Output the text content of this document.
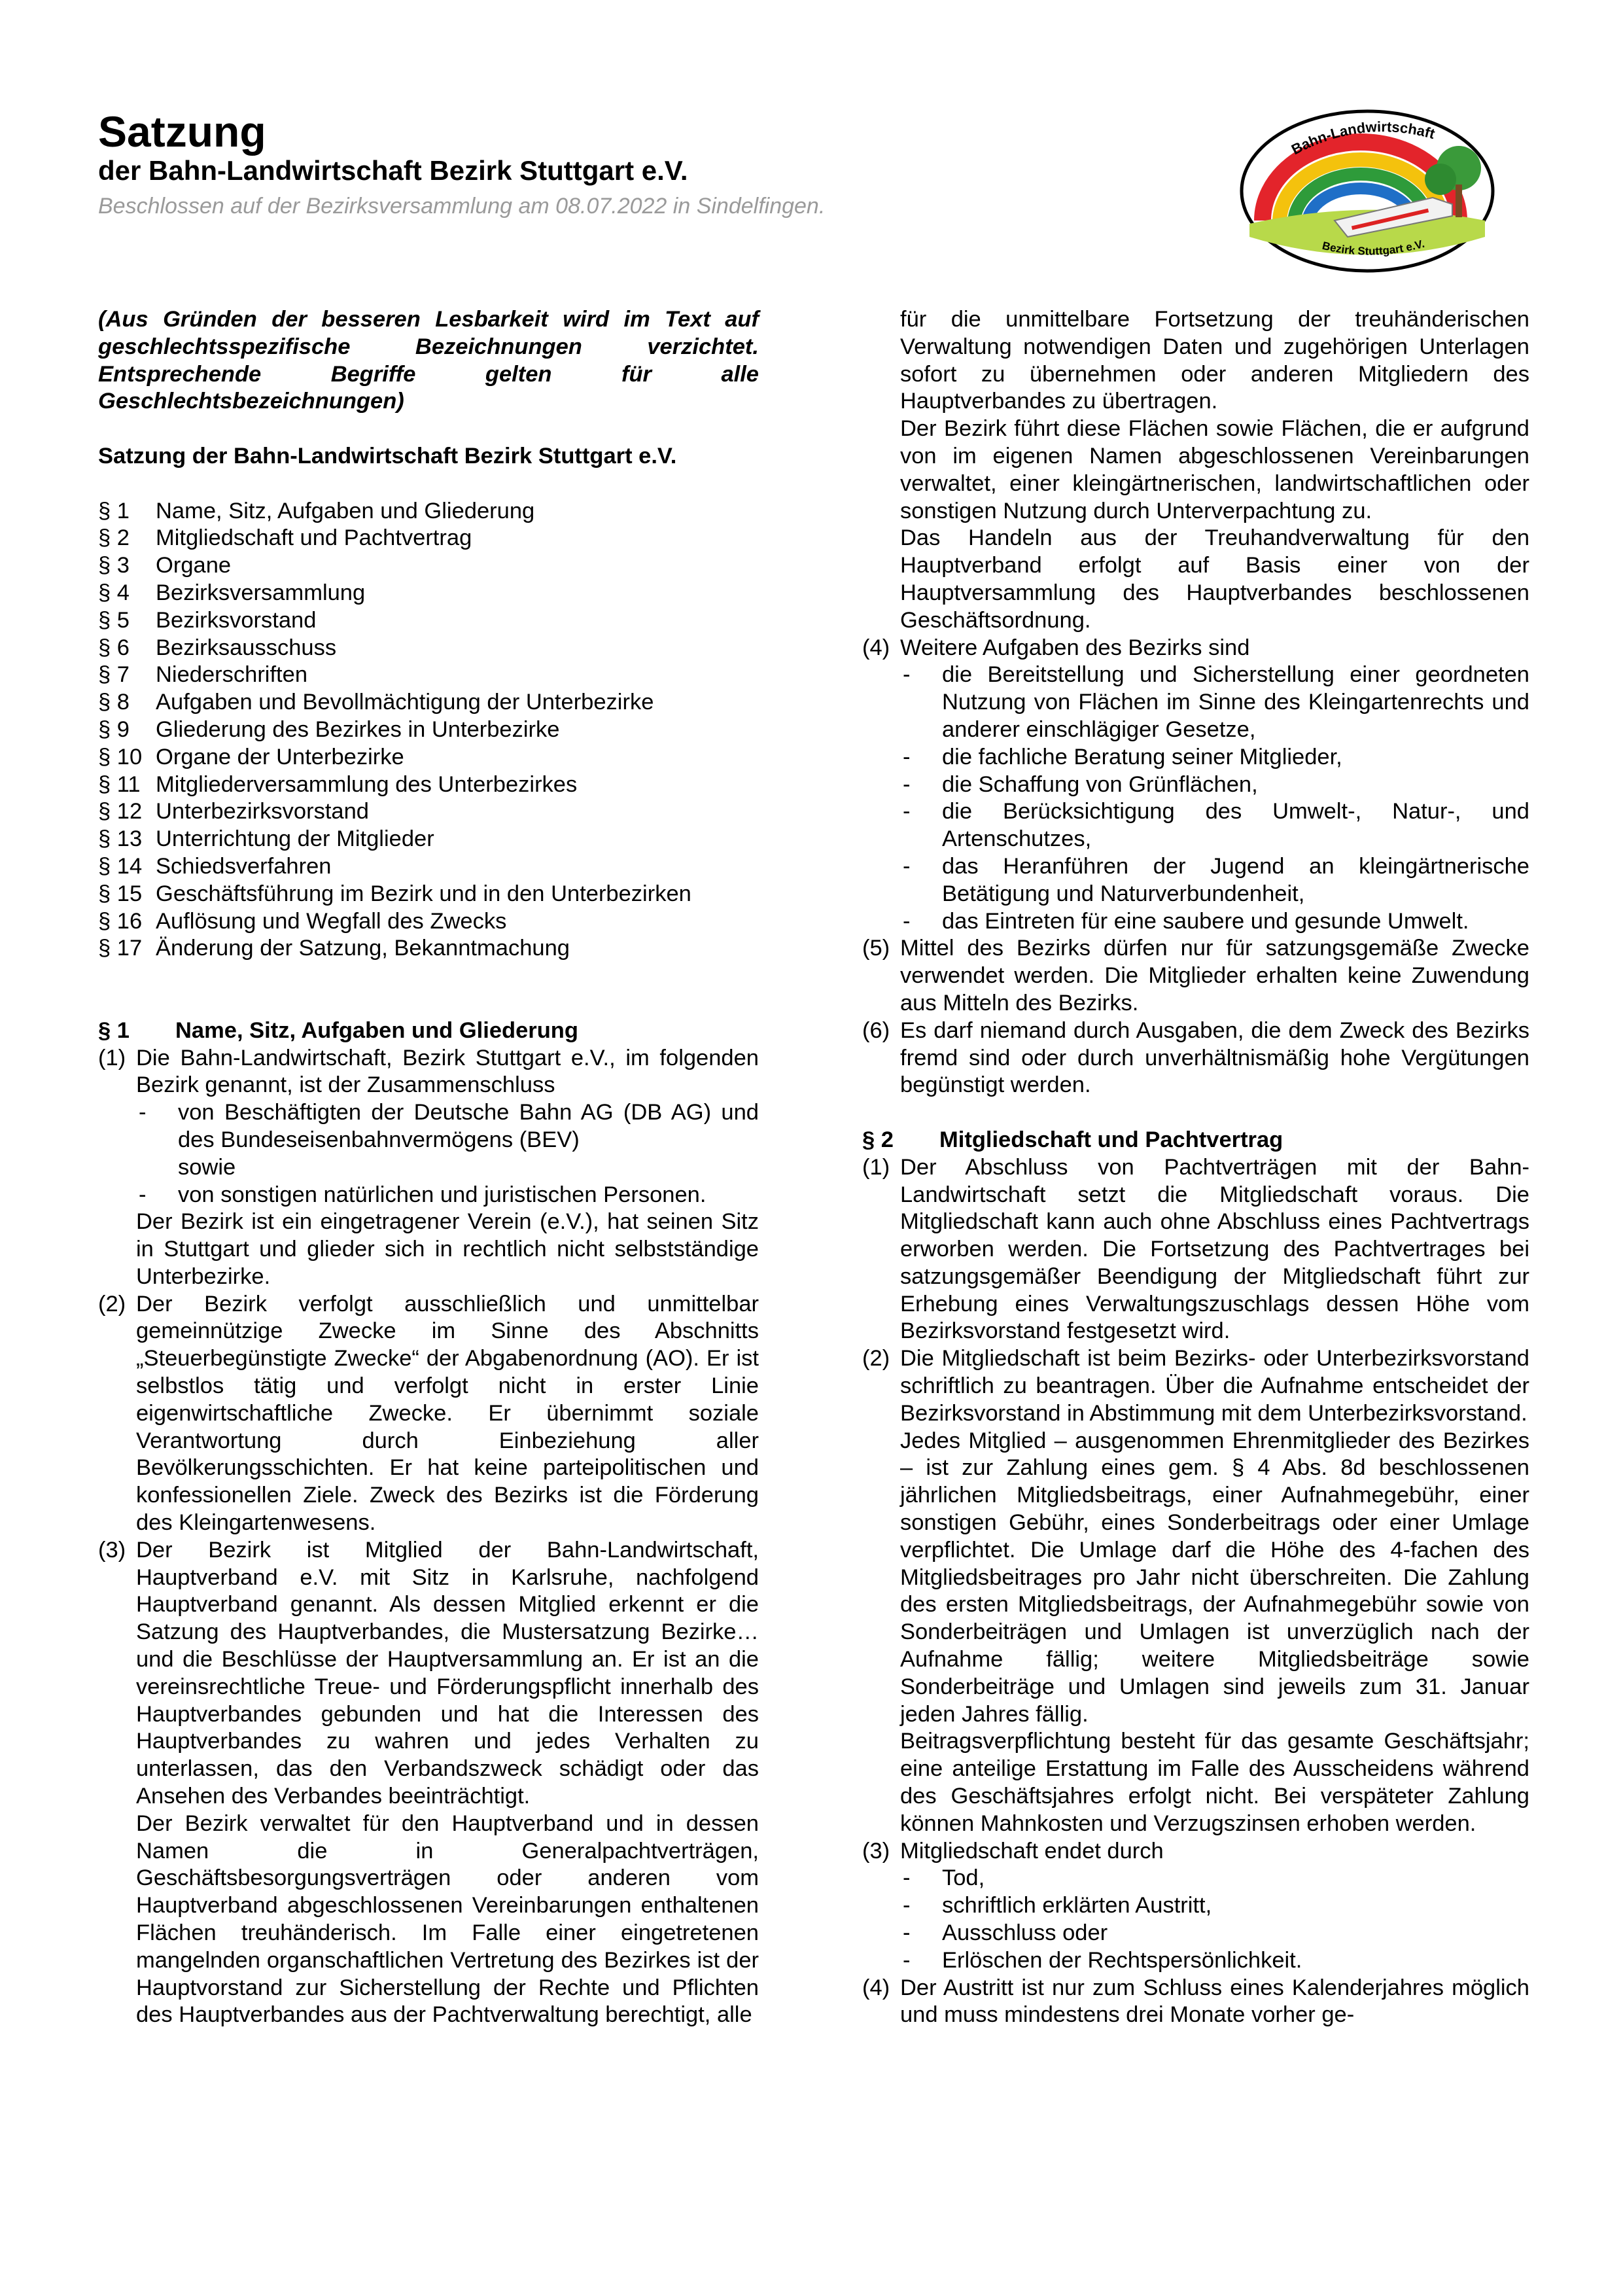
Satzung
der Bahn-Landwirtschaft Bezirk Stuttgart e.V.

Beschlossen auf der Bezirksversammlung am 08.07.2022 in Sindelfingen.

Bahn-Landwirtschaft
Bezirk Stuttgart e.V.

(Aus Gründen der besseren Lesbarkeit wird im Text auf geschlechtsspezifische Bezeichnungen verzichtet. Entsprechende Begriffe gelten für alle Geschlechtsbezeichnungen)

Satzung der Bahn-Landwirtschaft Bezirk Stuttgart e.V.

§ 1	Name, Sitz, Aufgaben und Gliederung
§ 2	Mitgliedschaft und Pachtvertrag
§ 3	Organe
§ 4	Bezirksversammlung
§ 5	Bezirksvorstand
§ 6	Bezirksausschuss
§ 7	Niederschriften
§ 8	Aufgaben und Bevollmächtigung der Unterbezirke
§ 9	Gliederung des Bezirkes in Unterbezirke
§ 10 Organe der Unterbezirke
§ 11 Mitgliederversammlung des Unterbezirkes
§ 12 Unterbezirksvorstand
§ 13 Unterrichtung der Mitglieder
§ 14 Schiedsverfahren
§ 15 Geschäftsführung im Bezirk und in den Unterbezirken
§ 16 Auflösung und Wegfall des Zwecks
§ 17 Änderung der Satzung, Bekanntmachung
§ 1	Name, Sitz, Aufgaben und Gliederung
(1) Die Bahn-Landwirtschaft, Bezirk Stuttgart e.V., im folgenden Bezirk genannt, ist der Zusammenschluss

-	von Beschäftigten der Deutsche Bahn AG (DB AG) und des Bundeseisenbahnvermögens (BEV)

sowie

-	von sonstigen natürlichen und juristischen Personen.

Der Bezirk ist ein eingetragener Verein (e.V.), hat seinen Sitz in Stuttgart und glieder sich in rechtlich nicht selbstständige Unterbezirke.

(2) Der Bezirk verfolgt ausschließlich und unmittelbar gemeinnützige Zwecke im Sinne des Abschnitts „Steuerbegünstigte Zwecke“ der Abgabenordnung (AO). Er ist selbstlos tätig und verfolgt nicht in erster Linie eigenwirtschaftliche Zwecke. Er übernimmt soziale Verantwortung durch Einbeziehung aller Bevölkerungsschichten. Er hat keine parteipolitischen und konfessionellen Ziele. Zweck des Bezirks ist die Förderung des Kleingartenwesens.

(3) Der Bezirk ist Mitglied der Bahn-Landwirtschaft, Hauptverband e.V. mit Sitz in Karlsruhe, nachfolgend Hauptverband genannt. Als dessen Mitglied erkennt er die Satzung des Hauptverbandes, die Mustersatzung Bezirke… und die Beschlüsse der Hauptversammlung an. Er ist an die vereinsrechtliche Treue- und Förderungspflicht innerhalb des Hauptverbandes gebunden und hat die Interessen des Hauptverbandes zu wahren und jedes Verhalten zu unterlassen, das den Verbandszweck schädigt oder das Ansehen des Verbandes beeinträchtigt.

Der Bezirk verwaltet für den Hauptverband und in dessen Namen die in Generalpachtverträgen, Geschäftsbesorgungsverträgen oder anderen vom Hauptverband abgeschlossenen Vereinbarungen enthaltenen Flächen treuhänderisch. Im Falle einer eingetretenen mangelnden organschaftlichen Vertretung des Bezirkes ist der Hauptvorstand zur Sicherstellung der Rechte und Pflichten des Hauptverbandes aus der Pachtverwaltung berechtigt, alle

für die unmittelbare Fortsetzung der treuhänderischen Verwaltung notwendigen Daten und zugehörigen Unterlagen sofort zu übernehmen oder anderen Mitgliedern des Hauptverbandes zu übertragen.

Der Bezirk führt diese Flächen sowie Flächen, die er aufgrund von im eigenen Namen abgeschlossenen Vereinbarungen verwaltet, einer kleingärtnerischen, landwirtschaftlichen oder sonstigen Nutzung durch Unterverpachtung zu.

Das Handeln aus der Treuhandverwaltung für den Hauptverband erfolgt auf Basis einer von der Hauptversammlung des Hauptverbandes beschlossenen Geschäftsordnung.

(4) Weitere Aufgaben des Bezirks sind

-	die Bereitstellung und Sicherstellung einer geordneten Nutzung von Flächen im Sinne des Kleingartenrechts und anderer einschlägiger Gesetze,
-	die fachliche Beratung seiner Mitglieder,
-	die Schaffung von Grünflächen,
-	die Berücksichtigung des Umwelt-, Natur-, und Artenschutzes,
-	das Heranführen der Jugend an kleingärtnerische Betätigung und Naturverbundenheit,
-	das Eintreten für eine saubere und gesunde Umwelt.
(5) Mittel des Bezirks dürfen nur für satzungsgemäße Zwecke verwendet werden. Die Mitglieder erhalten keine Zuwendung aus Mitteln des Bezirks.

(6) Es darf niemand durch Ausgaben, die dem Zweck des Bezirks fremd sind oder durch unverhältnismäßig hohe Vergütungen begünstigt werden.

§ 2	Mitgliedschaft und Pachtvertrag
(1) Der Abschluss von Pachtverträgen mit der Bahn-Landwirtschaft setzt die Mitgliedschaft voraus. Die Mitgliedschaft kann auch ohne Abschluss eines Pachtvertrags erworben werden. Die Fortsetzung des Pachtvertrages bei satzungsgemäßer Beendigung der Mitgliedschaft führt zur Erhebung eines Verwaltungszuschlags dessen Höhe vom Bezirksvorstand festgesetzt wird.

(2) Die Mitgliedschaft ist beim Bezirks- oder Unterbezirksvorstand schriftlich zu beantragen. Über die Aufnahme entscheidet der Bezirksvorstand in Abstimmung mit dem Unterbezirksvorstand.

Jedes Mitglied – ausgenommen Ehrenmitglieder des Bezirkes – ist zur Zahlung eines gem. § 4 Abs. 8d beschlossenen jährlichen Mitgliedsbeitrags, einer Aufnahmegebühr, einer sonstigen Gebühr, eines Sonderbeitrags oder einer Umlage verpflichtet. Die Umlage darf die Höhe des 4-fachen des Mitgliedsbeitrages pro Jahr nicht überschreiten. Die Zahlung des ersten Mitgliedsbeitrags, der Aufnahmegebühr sowie von Sonderbeiträgen und Umlagen ist unverzüglich nach der Aufnahme fällig; weitere Mitgliedsbeiträge sowie Sonderbeiträge und Umlagen sind jeweils zum 31. Januar jeden Jahres fällig.

Beitragsverpflichtung besteht für das gesamte Geschäftsjahr; eine anteilige Erstattung im Falle des Ausscheidens während des Geschäftsjahres erfolgt nicht. Bei verspäteter Zahlung können Mahnkosten und Verzugszinsen erhoben werden.

(3) Mitgliedschaft endet durch

-	Tod,
-	schriftlich erklärten Austritt,
-	Ausschluss oder
-	Erlöschen der Rechtspersönlichkeit.
(4) Der Austritt ist nur zum Schluss eines Kalenderjahres möglich und muss mindestens drei Monate vorher ge-
